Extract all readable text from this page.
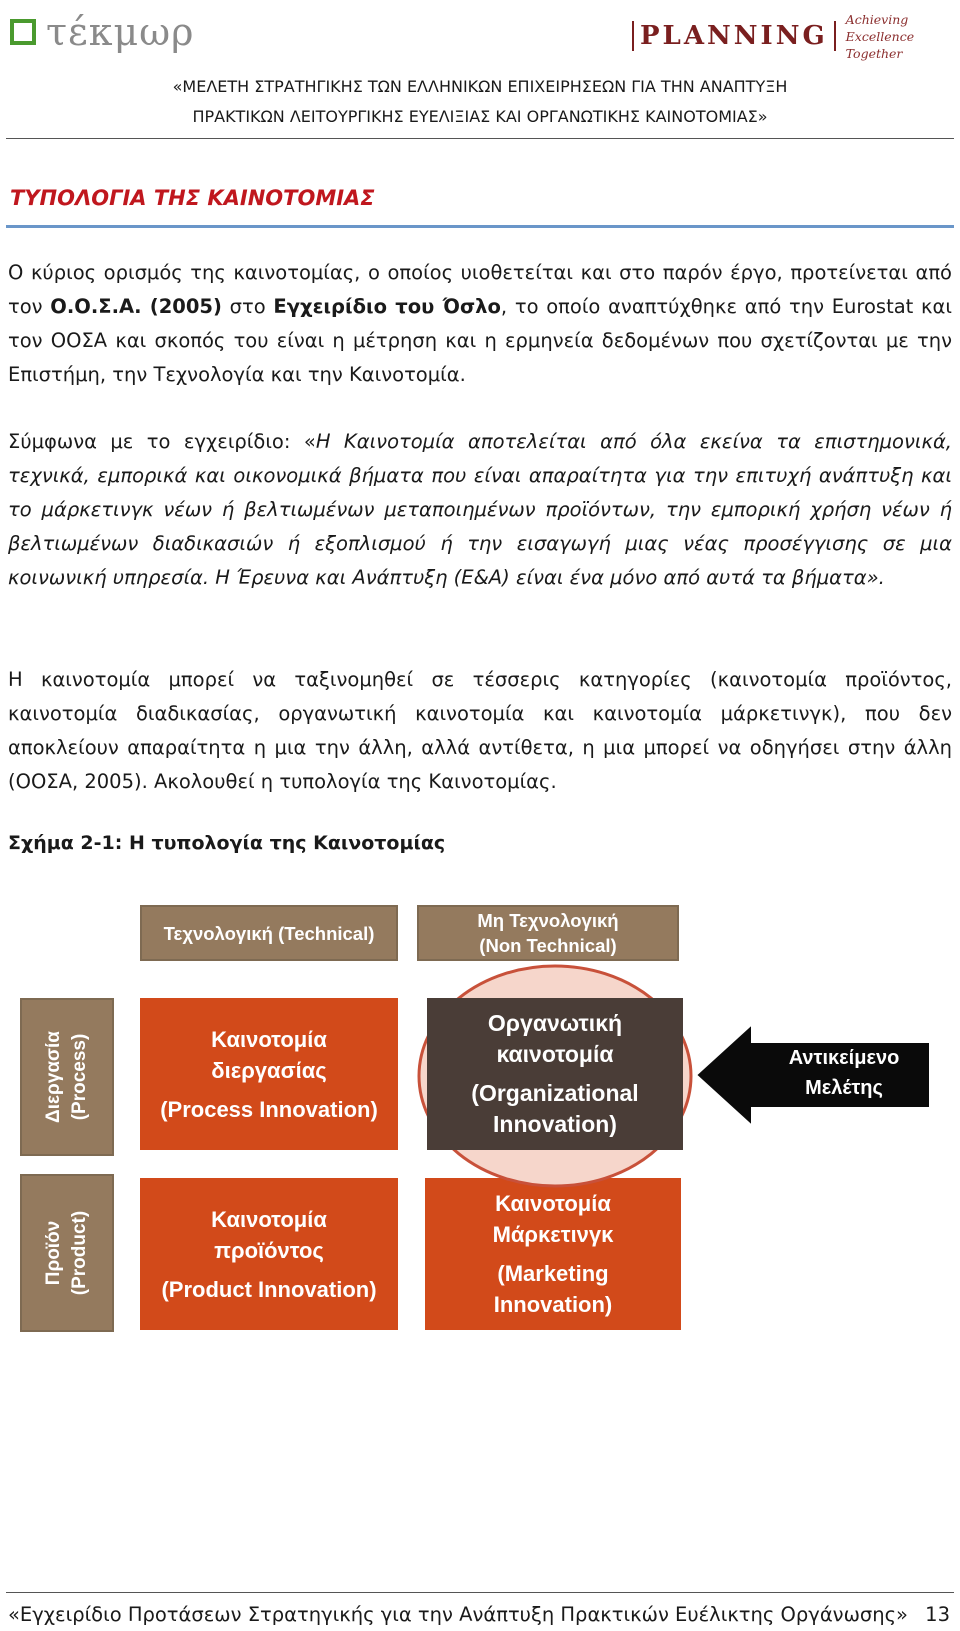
τέκμωρ	PLANNING
Achieving
Excellence
Together
«ΜΕΛΕΤΗ ΣΤΡΑΤΗΓΙΚΗΣ ΤΩΝ ΕΛΛΗΝΙΚΩΝ ΕΠΙΧΕΙΡΗΣΕΩΝ ΓΙΑ ΤΗΝ ΑΝΑΠΤΥΞΗ
ΠΡΑΚΤΙΚΩΝ ΛΕΙΤΟΥΡΓΙΚΗΣ ΕΥΕΛΙΞΙΑΣ ΚΑΙ ΟΡΓΑΝΩΤΙΚΗΣ ΚΑΙΝΟΤΟΜΙΑΣ»
ΤΥΠΟΛΟΓΙΑ ΤΗΣ ΚΑΙΝΟΤΟΜΙΑΣ
Ο κύριος ορισμός της καινοτομίας, ο οποίος υιοθετείται και στο παρόν έργο, προτείνεται από τον Ο.Ο.Σ.Α. (2005) στο Εγχειρίδιο του Όσλο, το οποίο αναπτύχθηκε από την Eurostat και τον ΟΟΣΑ και σκοπός του είναι η μέτρηση και η ερμηνεία δεδομένων που σχετίζονται με την Επιστήμη, την Τεχνολογία και την Καινοτομία.
Σύμφωνα με το εγχειρίδιο: «Η Καινοτομία αποτελείται από όλα εκείνα τα επιστημονικά, τεχνικά, εμπορικά και οικονομικά βήματα που είναι απαραίτητα για την επιτυχή ανάπτυξη και το μάρκετινγκ νέων ή βελτιωμένων μεταποιημένων προϊόντων, την εμπορική χρήση νέων ή βελτιωμένων διαδικασιών ή εξοπλισμού ή την εισαγωγή μιας νέας προσέγγισης σε μια κοινωνική υπηρεσία. Η Έρευνα και Ανάπτυξη (Ε&Α) είναι ένα μόνο από αυτά τα βήματα».
Η καινοτομία μπορεί να ταξινομηθεί σε τέσσερις κατηγορίες (καινοτομία προϊόντος, καινοτομία διαδικασίας, οργανωτική καινοτομία και καινοτομία μάρκετινγκ), που δεν αποκλείουν απαραίτητα η μια την άλλη, αλλά αντίθετα, η μια μπορεί να οδηγήσει στην άλλη (ΟΟΣΑ, 2005). Ακολουθεί η τυπολογία της Καινοτομίας.
Σχήμα 2-1: Η τυπολογία της Καινοτομίας
Τεχνολογική (Technical)
Μη Τεχνολογική
(Non Technical)
Διεργασία (Process)
Προϊόν (Product)
Καινοτομία
διεργασίας
(Process Innovation)
Καινοτομία
προϊόντος
(Product Innovation)
Καινοτομία
Μάρκετινγκ
(Marketing
Innovation)
Οργανωτική
καινοτομία
(Organizational
Innovation)
Αντικείμενο
Μελέτης
«Εγχειρίδιο Προτάσεων Στρατηγικής για την Ανάπτυξη Πρακτικών Ευέλικτης Οργάνωσης» 13
